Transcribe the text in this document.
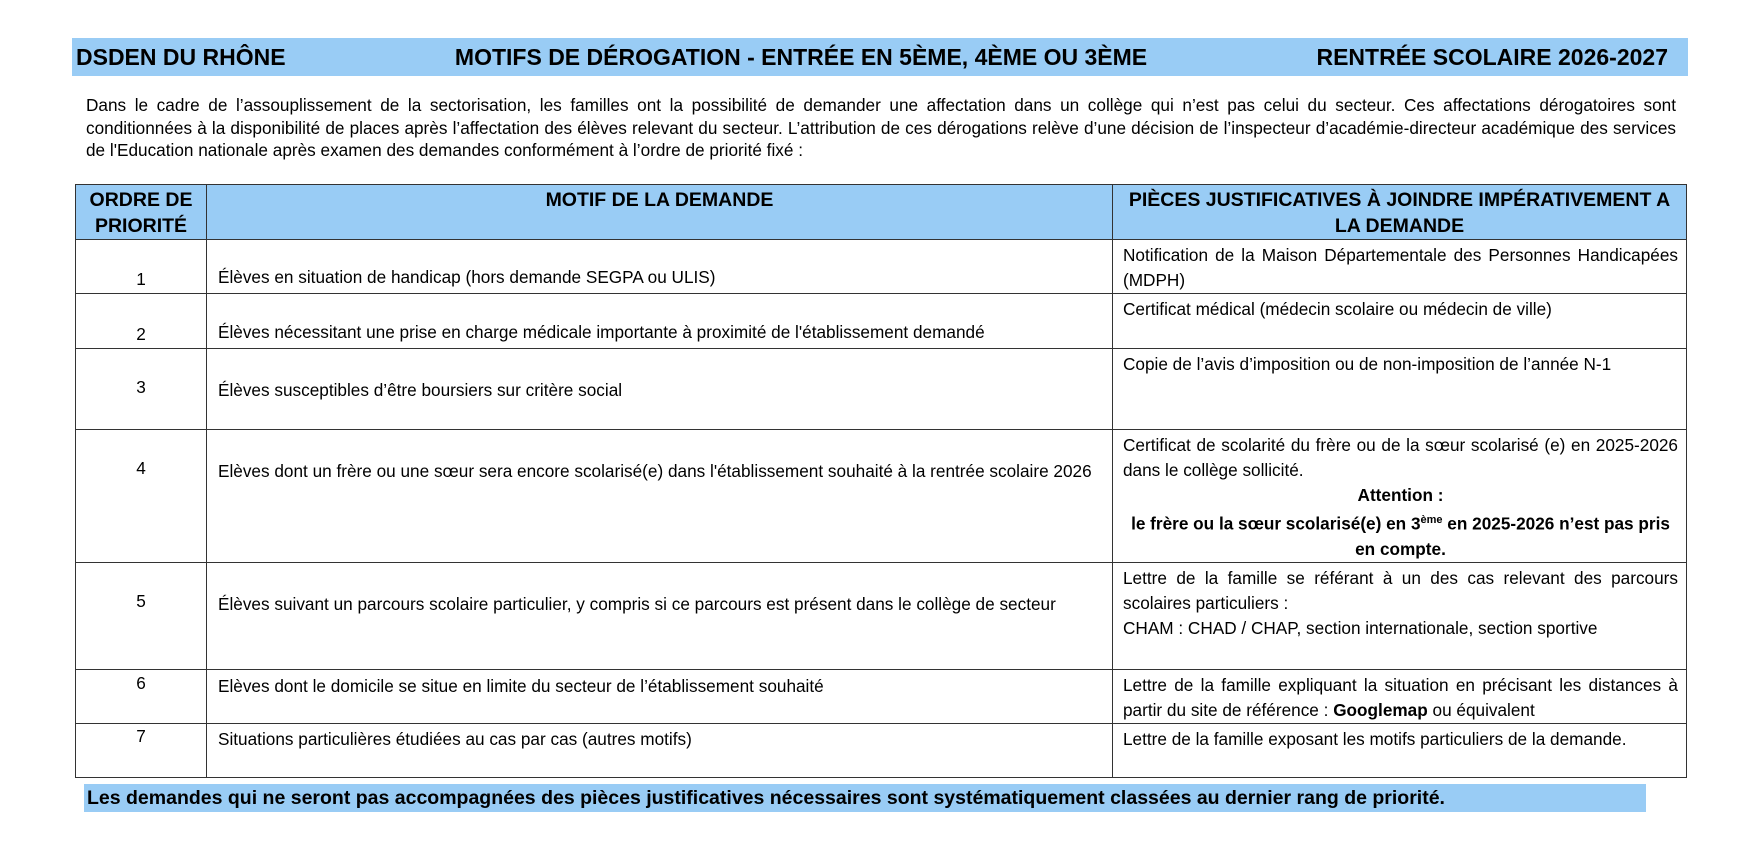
DSDEN DU RHÔNE	MOTIFS DE DÉROGATION - ENTRÉE EN 5ÈME, 4ÈME OU 3ÈME	RENTRÉE SCOLAIRE 2026-2027

Dans le cadre de l’assouplissement de la sectorisation, les familles ont la possibilité de demander une affectation dans un collège qui n’est pas celui du secteur. Ces affectations dérogatoires sont conditionnées à la disponibilité de places après l’affectation des élèves relevant du secteur. L’attribution de ces dérogations relève d’une décision de l’inspecteur d’académie-directeur académique des services de l'Education nationale après examen des demandes conformément à l’ordre de priorité fixé :

ORDRE DE PRIORITÉ	MOTIF DE LA DEMANDE	PIÈCES JUSTIFICATIVES À JOINDRE IMPÉRATIVEMENT A LA DEMANDE
1	Élèves en situation de handicap (hors demande SEGPA ou ULIS)	Notification de la Maison Départementale des Personnes Handicapées (MDPH)
2	Élèves nécessitant une prise en charge médicale importante à proximité de l'établissement demandé	Certificat médical (médecin scolaire ou médecin de ville)
3	Élèves susceptibles d’être boursiers sur critère social	Copie de l’avis d’imposition ou de non-imposition de l’année N-1
4	Elèves dont un frère ou une sœur sera encore scolarisé(e) dans l'établissement souhaité à la rentrée scolaire 2026	Certificat de scolarité du frère ou de la sœur scolarisé (e) en 2025-2026 dans le collège sollicité.

Attention :

le frère ou la sœur scolarisé(e) en 3ème en 2025-2026 n’est pas pris en compte.

5	Élèves suivant un parcours scolaire particulier, y compris si ce parcours est présent dans le collège de secteur	Lettre de la famille se référant à un des cas relevant des parcours scolaires particuliers :
CHAM : CHAD / CHAP, section internationale, section sportive

6	Elèves dont le domicile se situe en limite du secteur de l’établissement souhaité	Lettre de la famille expliquant la situation en précisant les distances à partir du site de référence : Googlemap ou équivalent
7	Situations particulières étudiées au cas par cas (autres motifs)	Lettre de la famille exposant les motifs particuliers de la demande.
Les demandes qui ne seront pas accompagnées des pièces justificatives nécessaires sont systématiquement classées au dernier rang de priorité.
